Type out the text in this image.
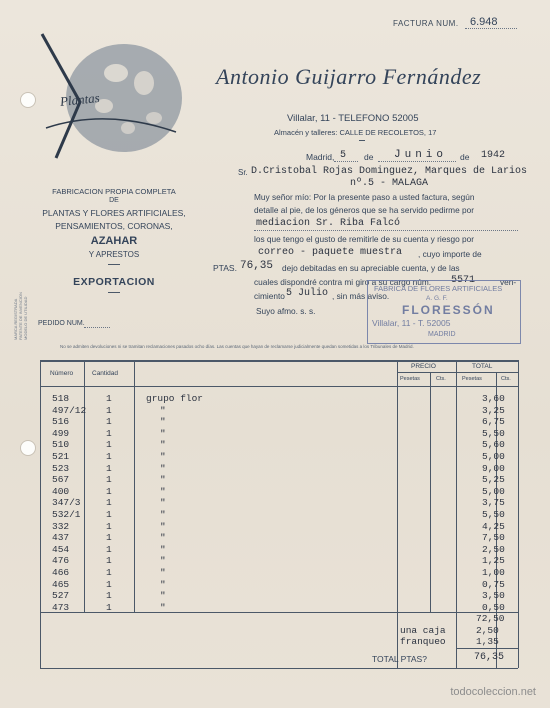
FACTURA NUM. 6.948
Plantas
Antonio Guijarro Fernández
Villalar, 11 - TELEFONO 52005
Almacén y talleres: CALLE DE RECOLETOS, 17
FABRICACION PROPIA COMPLETA
DE
PLANTAS Y FLORES ARTIFICIALES,
PENSAMIENTOS, CORONAS,
AZAHAR
Y APRESTOS
EXPORTACION
PEDIDO NUM.
MARCA REGISTRADA
PATENTE DE INVENCION
MODELO DE UTILIDAD
Madrid, 5 de Junio de 1942
Sr. D.Cristobal Rojas Dominguez, Marques de Larios
nº.5 - MALAGA
Muy señor mío: Por la presente paso a usted factura, según
detalle al pie, de los géneros que se ha servido pedirme por
mediacion Sr. Riba Falcó
los que tengo el gusto de remitirle de su cuenta y riesgo por
correo - paquete muestra , cuyo importe de
PTAS. 76,35 dejo debitadas en su apreciable cuenta, y de las
cuales dispondré contra mi giro a su cargo núm. 5571	ven-
cimiento 5 Julio , sin más aviso.
Suyo afmo. s. s.
FABRICA DE FLORES ARTIFICIALES
A. G. F.
FLORESSÓN
Villalar, 11 - T. 52005
MADRID
No se admiten devoluciones ni se tramitan reclamaciones pasados ocho días. Las cuentas que hayan de reclamarse judicialmente quedan sometidas a los Tribunales de Madrid.
Número	Cantidad
PRECIO	TOTAL
Pesetas	Cts.	Pesetas	Cts.
518	1	grupo flor	3,60
497/12 1	"	3,25
516	1	"	6,75
499	1	"	5,50
510	1	"	5,60
521	1	"	5,00
523	1	"	9,00
567	1	"	5,25
400	1	"	5,00
347/3	1	"	3,75
532/1	1	"	5,50
332	1	"	4,25
437	1	"	7,50
454	1	"	2,50
476	1	"	1,25
466	1	"	1,00
465	1	"	0,75
527	1	"	3,50
473	1	"	0,50
72,50
una caja	2,50
franqueo	1,35
TOTAL PTAS?	76,35
todocoleccion.net
